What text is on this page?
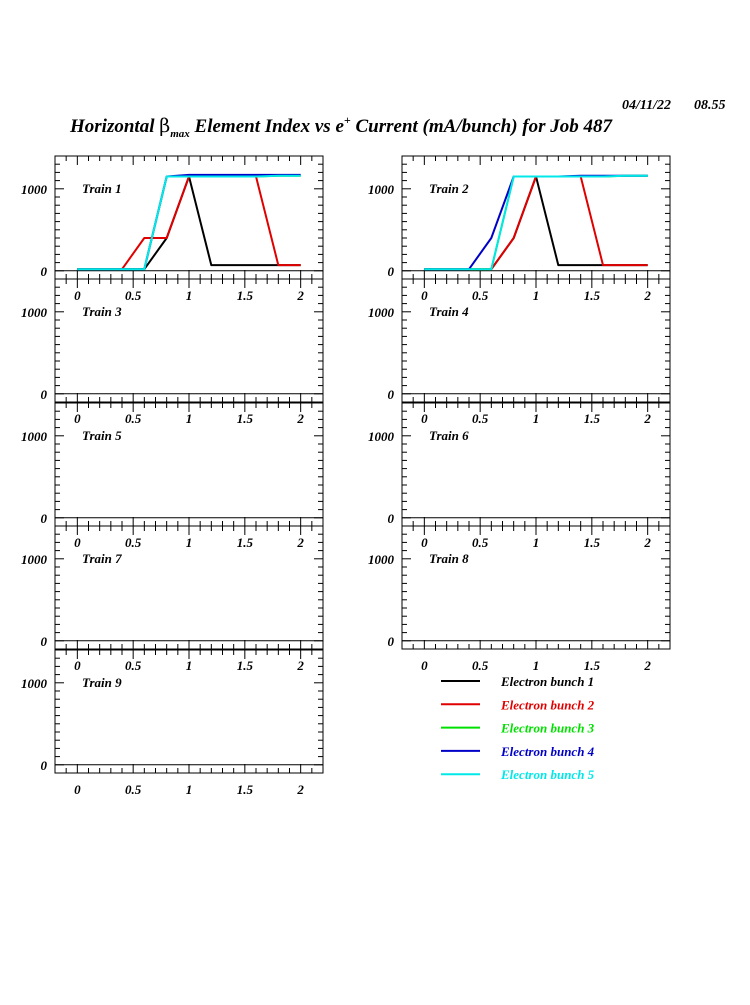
04/11/22 08.55
Horizontal $\beta_{max}$ Element Index vs e+ Current (mA/bunch) for Job 487
0
1000
0	0.5	1	1.5	2
Train 1
0
1000
0	0.5	1	1.5	2
Train 2
0
1000
0	0.5	1	1.5	2
Train 3
0
1000
0	0.5	1	1.5	2
Train 4
0
1000
0	0.5	1	1.5	2
Train 5
0
1000
0	0.5	1	1.5	2
Train 6
0
1000
0	0.5	1	1.5	2
Train 7
0
1000
0	0.5	1	1.5	2
Train 8
0
1000
0	0.5	1	1.5	2
Train 9	Electron bunch 1
Electron bunch 2
Electron bunch 3
Electron bunch 4
Electron bunch 5
